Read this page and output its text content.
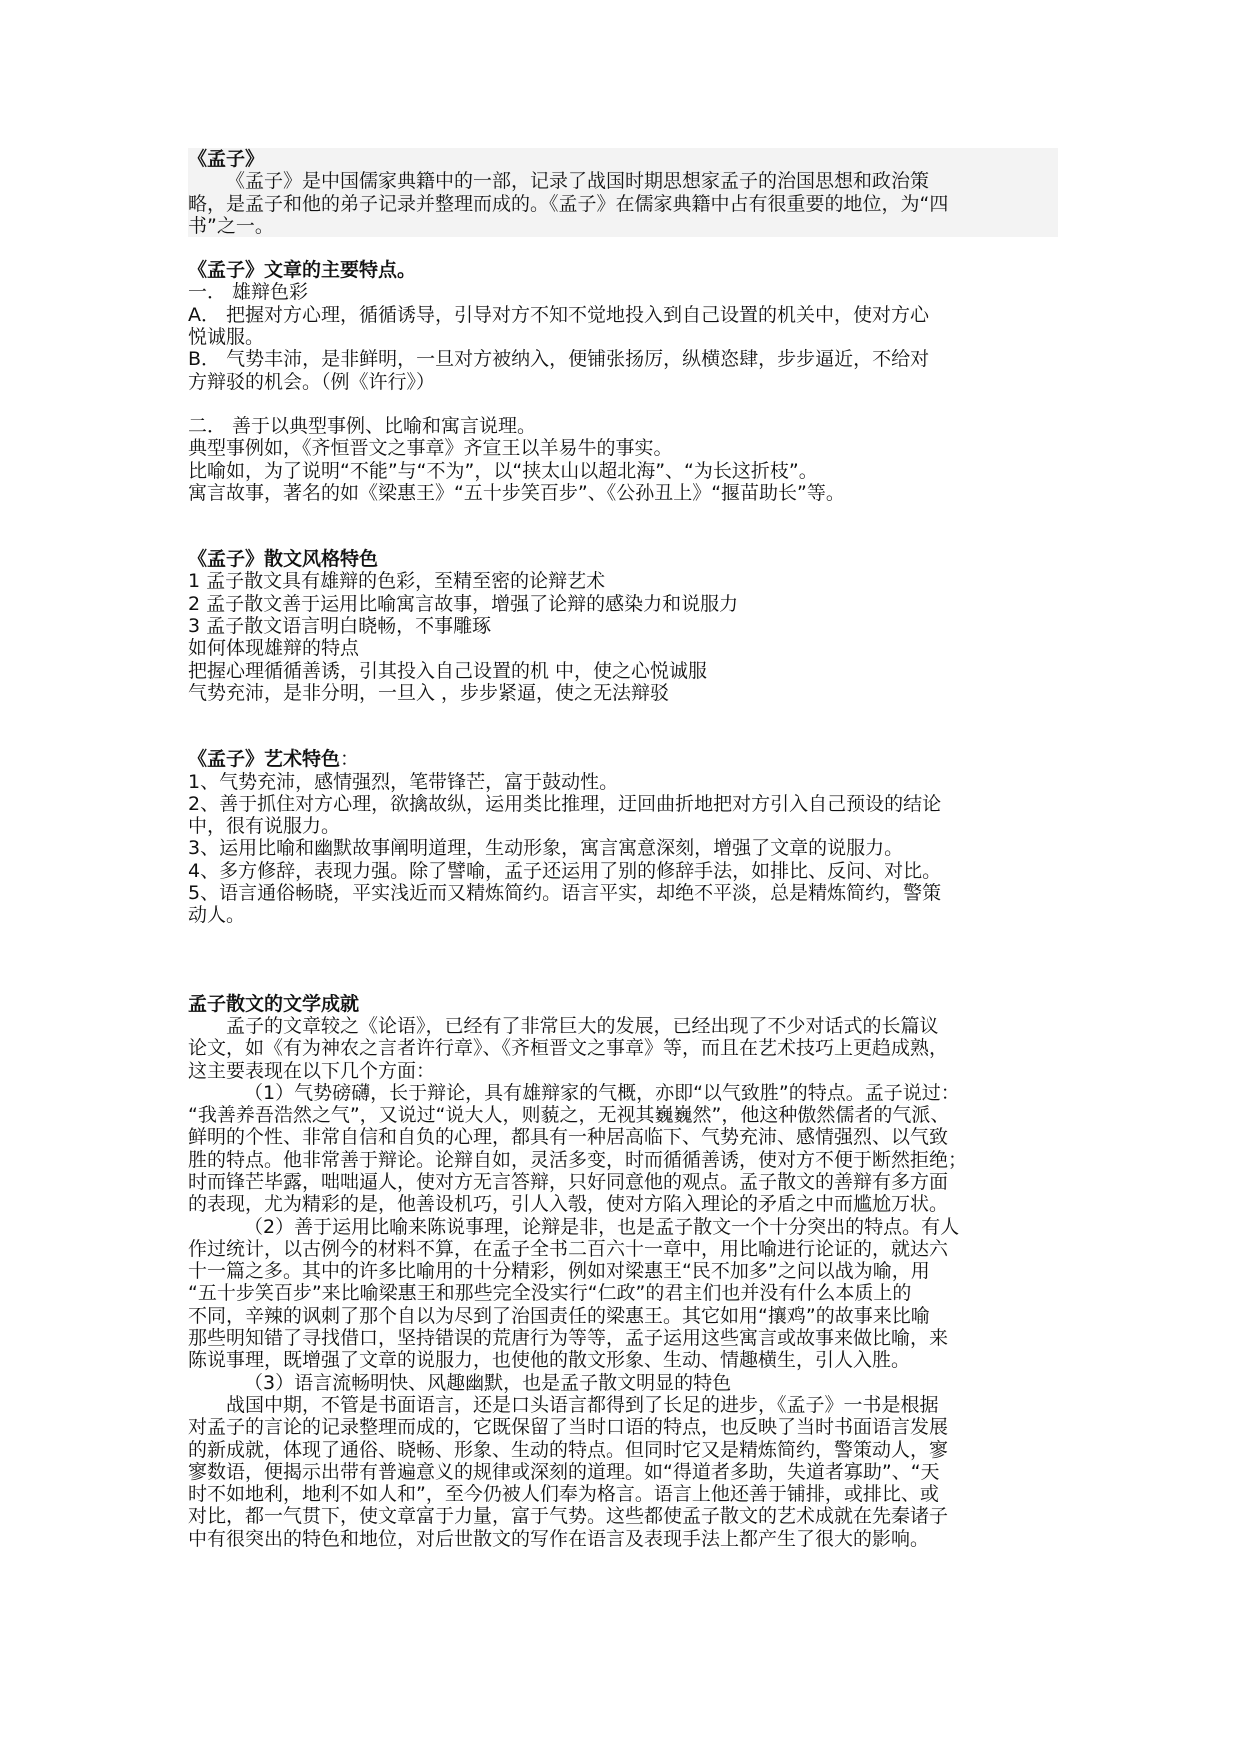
《孟子》
《孟子》是中国儒家典籍中的一部，记录了战国时期思想家孟子的治国思想和政治策
略，是孟子和他的弟子记录并整理而成的。《孟子》在儒家典籍中占有很重要的地位，为“四
书”之一。
《孟子》文章的主要特点。
一． 雄辩色彩
A． 把握对方心理，循循诱导，引导对方不知不觉地投入到自己设置的机关中，使对方心
悦诚服。
B． 气势丰沛，是非鲜明，一旦对方被纳入，便铺张扬厉，纵横恣肆，步步逼近，不给对
方辩驳的机会。（例《许行》）
二． 善于以典型事例、比喻和寓言说理。
典型事例如，《齐恒晋文之事章》齐宣王以羊易牛的事实。
比喻如，为了说明“不能”与“不为”，以“挟太山以超北海”、“为长这折枝”。
寓言故事，著名的如《梁惠王》“五十步笑百步”、《公孙丑上》“揠苗助长”等。
《孟子》散文风格特色
1 孟子散文具有雄辩的色彩，至精至密的论辩艺术
2 孟子散文善于运用比喻寓言故事，增强了论辩的感染力和说服力
3 孟子散文语言明白晓畅，不事雕琢
如何体现雄辩的特点
把握心理循循善诱，引其投入自己设置的机 中，使之心悦诚服
气势充沛，是非分明，一旦入 ，步步紧逼，使之无法辩驳
《孟子》艺术特色：
1、气势充沛，感情强烈，笔带锋芒，富于鼓动性。
2、善于抓住对方心理，欲擒故纵，运用类比推理，迂回曲折地把对方引入自己预设的结论
中，很有说服力。
3、运用比喻和幽默故事阐明道理，生动形象，寓言寓意深刻，增强了文章的说服力。
4、多方修辞，表现力强。除了譬喻，孟子还运用了别的修辞手法，如排比、反问、对比。
5、语言通俗畅晓，平实浅近而又精炼简约。语言平实，却绝不平淡，总是精炼简约，警策
动人。
孟子散文的文学成就
孟子的文章较之《论语》，已经有了非常巨大的发展，已经出现了不少对话式的长篇议
论文，如《有为神农之言者许行章》、《齐桓晋文之事章》等，而且在艺术技巧上更趋成熟，
这主要表现在以下几个方面：
（1）气势磅礴，长于辩论，具有雄辩家的气概，亦即“以气致胜”的特点。孟子说过：
“我善养吾浩然之气”，又说过“说大人，则藐之，无视其巍巍然”，他这种傲然儒者的气派、
鲜明的个性、非常自信和自负的心理，都具有一种居高临下、气势充沛、感情强烈、以气致
胜的特点。他非常善于辩论。论辩自如，灵活多变，时而循循善诱，使对方不便于断然拒绝；
时而锋芒毕露，咄咄逼人，使对方无言答辩，只好同意他的观点。孟子散文的善辩有多方面
的表现，尤为精彩的是，他善设机巧，引人入彀，使对方陷入理论的矛盾之中而尴尬万状。
（2）善于运用比喻来陈说事理，论辩是非，也是孟子散文一个十分突出的特点。有人
作过统计，以古例今的材料不算，在孟子全书二百六十一章中，用比喻进行论证的，就达六
十一篇之多。其中的许多比喻用的十分精彩，例如对梁惠王“民不加多”之问以战为喻，用
“五十步笑百步”来比喻梁惠王和那些完全没实行“仁政”的君主们也并没有什么本质上的
不同，辛辣的讽刺了那个自以为尽到了治国责任的梁惠王。其它如用“攘鸡”的故事来比喻
那些明知错了寻找借口，坚持错误的荒唐行为等等，孟子运用这些寓言或故事来做比喻，来
陈说事理，既增强了文章的说服力，也使他的散文形象、生动、情趣横生，引人入胜。
（3）语言流畅明快、风趣幽默，也是孟子散文明显的特色
战国中期，不管是书面语言，还是口头语言都得到了长足的进步，《孟子》一书是根据
对孟子的言论的记录整理而成的，它既保留了当时口语的特点，也反映了当时书面语言发展
的新成就，体现了通俗、晓畅、形象、生动的特点。但同时它又是精炼简约，警策动人，寥
寥数语，便揭示出带有普遍意义的规律或深刻的道理。如“得道者多助，失道者寡助”、“天
时不如地利，地利不如人和”，至今仍被人们奉为格言。语言上他还善于铺排，或排比、或
对比，都一气贯下，使文章富于力量，富于气势。这些都使孟子散文的艺术成就在先秦诸子
中有很突出的特色和地位，对后世散文的写作在语言及表现手法上都产生了很大的影响。
